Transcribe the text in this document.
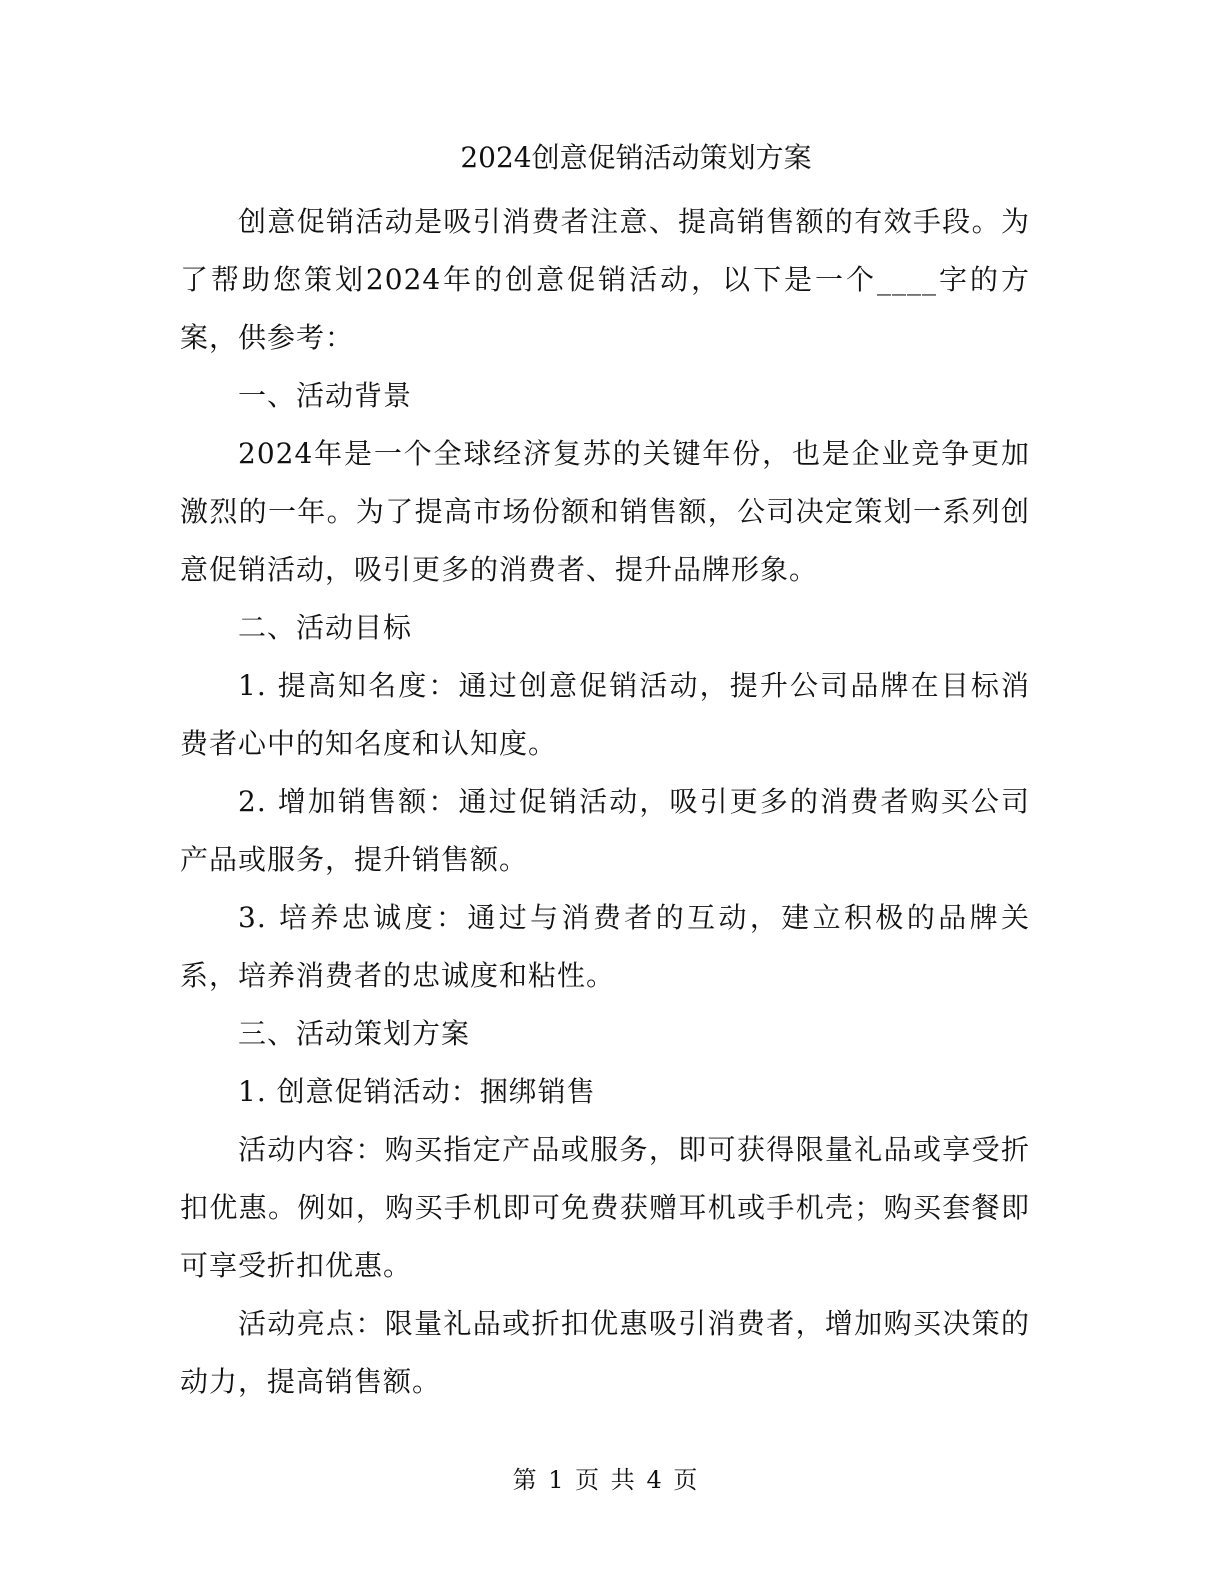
2024创意促销活动策划方案

创意促销活动是吸引消费者注意、提高销售额的有效手段。为了帮助您策划2024年的创意促销活动，以下是一个____字的方案，供参考：

一、活动背景

2024年是一个全球经济复苏的关键年份，也是企业竞争更加激烈的一年。为了提高市场份额和销售额，公司决定策划一系列创意促销活动，吸引更多的消费者、提升品牌形象。

二、活动目标

1. 提高知名度：通过创意促销活动，提升公司品牌在目标消费者心中的知名度和认知度。

2. 增加销售额：通过促销活动，吸引更多的消费者购买公司产品或服务，提升销售额。

3. 培养忠诚度：通过与消费者的互动，建立积极的品牌关系，培养消费者的忠诚度和粘性。

三、活动策划方案

1. 创意促销活动：捆绑销售

活动内容：购买指定产品或服务，即可获得限量礼品或享受折扣优惠。例如，购买手机即可免费获赠耳机或手机壳；购买套餐即可享受折扣优惠。

活动亮点：限量礼品或折扣优惠吸引消费者，增加购买决策的动力，提高销售额。

第 1 页 共 4 页
